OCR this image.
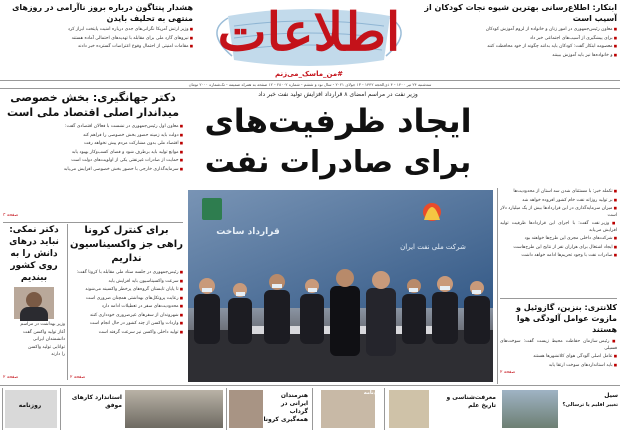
اطلاعات
#من_ماسک_می‌زنم
سه‌شنبه ۲۴ تیر ۱۴۰۰ - ۴ ذی‌الحجه ۱۴۴۲ - ۱۳ جولای ۲۰۲۱ - سال نود و ششم - شماره ۲۸۰۰۲ - ۱۲ صفحه به همراه ضمیمه - تک‌شماره ۲۰۰۰ تومان
ابتکار: اطلاع‌رسانی بهترین شیوه نجات کودکان از آسیب است

■ معاون رئیس‌جمهوری در امور زنان و خانواده از لزوم آموزش کودکان

■ برای پیشگیری از آسیب‌های اجتماعی خبر داد

■ معصومه ابتکار گفت: کودکان باید بدانند چگونه از خود محافظت کنند

■ و خانواده‌ها نیز باید آموزش ببینند

هشدار پنتاگون درباره بروز ناآرامی در روزهای منتهی به تحلیف بایدن

■ وزیر ارتش آمریکا نگرانی‌های جدی درباره امنیت پایتخت ابراز کرد

■ نیروهای گارد ملی برای مقابله با تهدیدهای احتمالی آماده هستند

■ مقامات امنیتی از احتمال وقوع اعتراضات گسترده خبر دادند

وزیر نفت در مراسم امضای ۸ قرارداد افزایش تولید نفت خبر داد
ایجاد ظرفیت‌های
برای صادرات نفت
قرارداد ساخت
شرکت ملی نفت ایران

■ تکمله خبر: با مستثنای شدن سه استان از محدودیت‌ها

■ بر تولید روزانه نفت خام کشور افزوده خواهد شد

■ میزان سرمایه‌گذاری در این قراردادها بیش از یک میلیارد دلار است

■ وزیر نفت گفت: با اجرای این قراردادها ظرفیت تولید افزایش می‌یابد

■ شرکت‌های داخلی مجری این طرح‌ها خواهند بود

■ ایجاد اشتغال برای هزاران نفر از نتایج این طرح‌هاست

■ صادرات نفت با وجود تحریم‌ها ادامه خواهد داشت

کلانتری: بنزین، گازوئیل و مازوت عوامل آلودگی هوا هستند

■ رئیس سازمان حفاظت محیط زیست گفت: سوخت‌های فسیلی

■ عامل اصلی آلودگی هوای کلانشهرها هستند

■ باید استانداردهای سوخت ارتقا یابد

صفحه ۲
دکتر جهانگیری: بخش خصوصی میداندار اصلی اقتصاد ملی است

■ معاون اول رئیس‌جمهوری در نشست با فعالان اقتصادی گفت:

■ دولت باید زمینه حضور بخش خصوصی را فراهم کند

■ اقتصاد ملی بدون مشارکت مردم پیش نخواهد رفت

■ موانع تولید باید برطرف شود و فضای کسب‌وکار بهبود یابد

■ حمایت از صادرات غیرنفتی یکی از اولویت‌های دولت است

■ سرمایه‌گذاری خارجی با حضور بخش خصوصی افزایش می‌یابد

صفحه ۳
دکتر نمکی: نباید درهای دانش را به روی کشور ببندیم

وزیر بهداشت در مراسم

آغاز تولید واکسن گفت

دانشمندان ایرانی

توانایی تولید واکسن

را دارند

صفحه ۲
برای کنترل کرونا راهی جز واکسیناسیون نداریم

■ رئیس‌جمهوری در جلسه ستاد ملی مقابله با کرونا گفت:

■ سرعت واکسیناسیون باید افزایش یابد

■ تا پایان تابستان گروه‌های پرخطر واکسینه می‌شوند

■ رعایت پروتکل‌های بهداشتی همچنان ضروری است

■ محدودیت‌های سفر در تعطیلات ادامه دارد

■ شهروندان از سفرهای غیرضروری خودداری کنند

■ واردات واکسن از چند کشور در حال انجام است

■ تولید داخلی واکسن نیز سرعت گرفته است

صفحه ۲
سیل
تغییر اقلیم یا ترسالی؟
معرفت‌شناسی و تاریخ علم
یادنامه
هنرمندان ایرانی در گرداب همه‌گیری کرونا
استاندارد کارهای موفق
روزنامه
